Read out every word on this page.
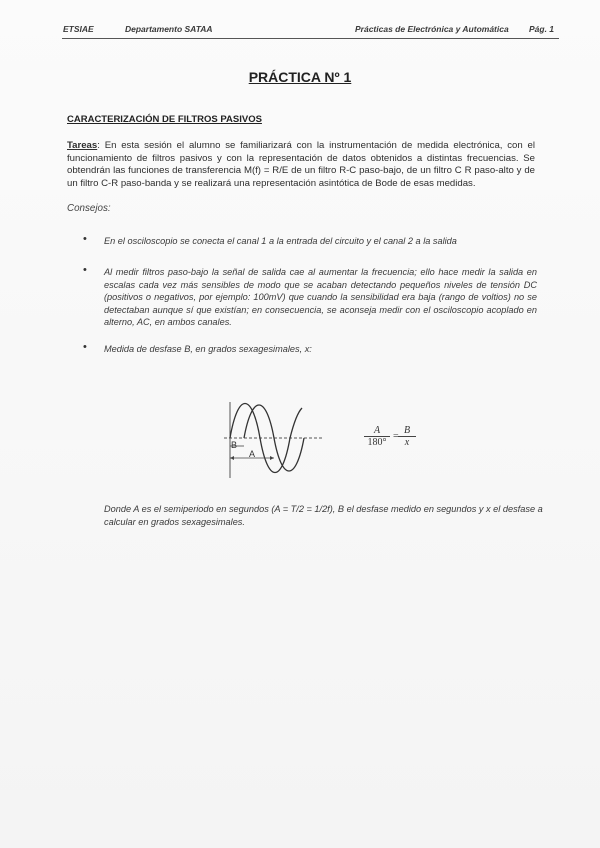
ETSIAE	Departamento SATAA	Prácticas de Electrónica y Automática Pág. 1
PRÁCTICA Nº 1
CARACTERIZACIÓN DE FILTROS PASIVOS
Tareas: En esta sesión el alumno se familiarizará con la instrumentación de medida electrónica, con el funcionamiento de filtros pasivos y con la representación de datos obtenidos a distintas frecuencias. Se obtendrán las funciones de transferencia M(f) = R/E de un filtro R-C paso-bajo, de un filtro C R paso-alto y de un filtro C-R paso-banda y se realizará una representación asintótica de Bode de esas medidas.
Consejos:
• En el osciloscopio se conecta el canal 1 a la entrada del circuito y el canal 2 a la salida
• Al medir filtros paso-bajo la señal de salida cae al aumentar la frecuencia; ello hace medir la salida en escalas cada vez más sensibles de modo que se acaban detectando pequeños niveles de tensión DC (positivos o negativos, por ejemplo: 100mV) que cuando la sensibilidad era baja (rango de voltios) no se detectaban aunque sí que existían; en consecuencia, se aconseja medir con el osciloscopio acoplado en alterno, AC, en ambos canales.
• Medida de desfase B, en grados sexagesimales, x:
B
A
$\frac{A}{180^\circ} = \frac{B}{x}$
Donde A es el semiperiodo en segundos (A = T/2 = 1/2f), B el desfase medido en segundos y x el desfase a calcular en grados sexagesimales.
